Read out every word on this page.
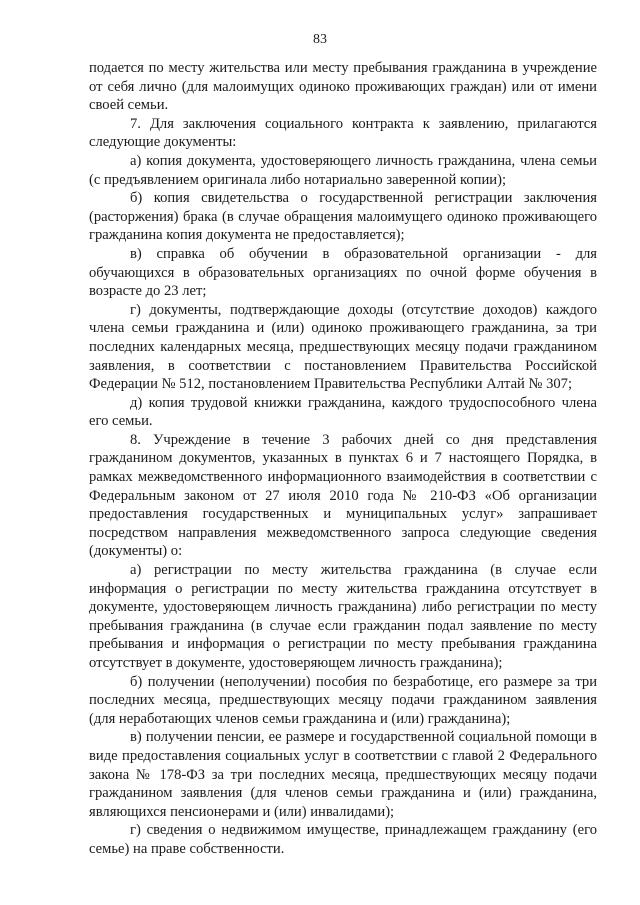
83

подается по месту жительства или месту пребывания гражданина в учреждение от себя лично (для малоимущих одиноко проживающих граждан) или от имени своей семьи.

7. Для заключения социального контракта к заявлению, прилагаются следующие документы:

а) копия документа, удостоверяющего личность гражданина, члена семьи (с предъявлением оригинала либо нотариально заверенной копии);

б) копия свидетельства о государственной регистрации заключения (расторжения) брака (в случае обращения малоимущего одиноко проживающего гражданина копия документа не предоставляется);

в) справка об обучении в образовательной организации - для обучающихся в образовательных организациях по очной форме обучения в возрасте до 23 лет;

г) документы, подтверждающие доходы (отсутствие доходов) каждого члена семьи гражданина и (или) одиноко проживающего гражданина, за три последних календарных месяца, предшествующих месяцу подачи гражданином заявления, в соответствии с постановлением Правительства Российской Федерации № 512, постановлением Правительства Республики Алтай № 307;

д) копия трудовой книжки гражданина, каждого трудоспособного члена его семьи.

8. Учреждение в течение 3 рабочих дней со дня представления гражданином документов, указанных в пунктах 6 и 7 настоящего Порядка, в рамках межведомственного информационного взаимодействия в соответствии с Федеральным законом от 27 июля 2010 года № 210-ФЗ «Об организации предоставления государственных и муниципальных услуг» запрашивает посредством направления межведомственного запроса следующие сведения (документы) о:

а) регистрации по месту жительства гражданина (в случае если информация о регистрации по месту жительства гражданина отсутствует в документе, удостоверяющем личность гражданина) либо регистрации по месту пребывания гражданина (в случае если гражданин подал заявление по месту пребывания и информация о регистрации по месту пребывания гражданина отсутствует в документе, удостоверяющем личность гражданина);

б) получении (неполучении) пособия по безработице, его размере за три последних месяца, предшествующих месяцу подачи гражданином заявления (для неработающих членов семьи гражданина и (или) гражданина);

в) получении пенсии, ее размере и государственной социальной помощи в виде предоставления социальных услуг в соответствии с главой 2 Федерального закона № 178-ФЗ за три последних месяца, предшествующих месяцу подачи гражданином заявления (для членов семьи гражданина и (или) гражданина, являющихся пенсионерами и (или) инвалидами);

г) сведения о недвижимом имуществе, принадлежащем гражданину (его семье) на праве собственности.
